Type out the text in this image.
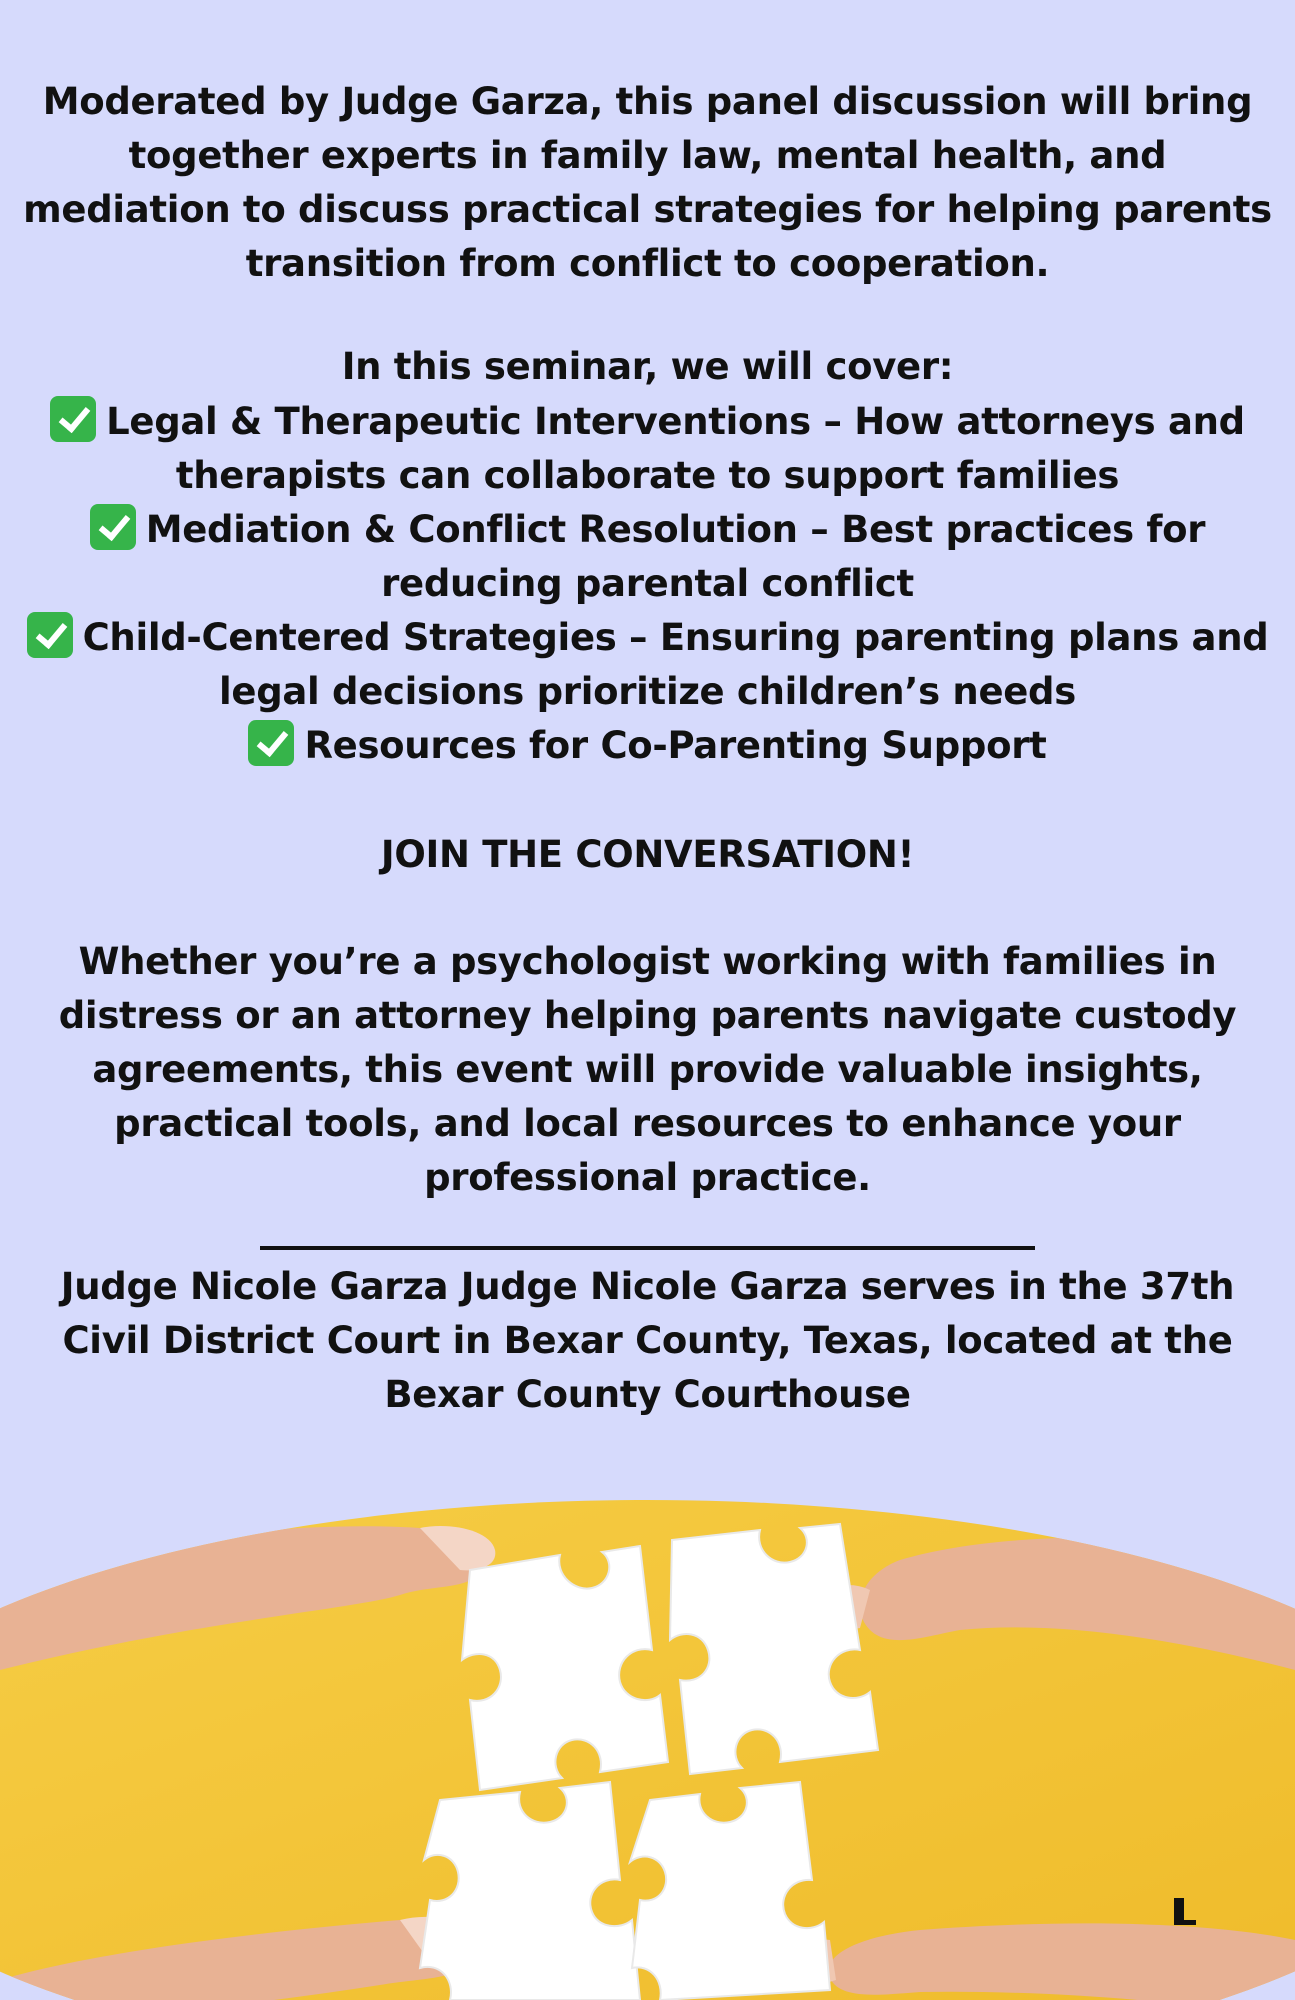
Moderated by Judge Garza, this panel discussion will bring together experts in family law, mental health, and mediation to discuss practical strategies for helping parents transition from conflict to cooperation.
In this seminar, we will cover:

Legal & Therapeutic Interventions – How attorneys and therapists can collaborate to support families

Mediation & Conflict Resolution – Best practices for reducing parental conflict

Child-Centered Strategies – Ensuring parenting plans and legal decisions prioritize children’s needs

Resources for Co-Parenting Support

JOIN THE CONVERSATION!
Whether you’re a psychologist working with families in distress or an attorney helping parents navigate custody agreements, this event will provide valuable insights, practical tools, and local resources to enhance your professional practice.
Judge Nicole Garza Judge Nicole Garza serves in the 37th Civil District Court in Bexar County, Texas, located at the Bexar County Courthouse
